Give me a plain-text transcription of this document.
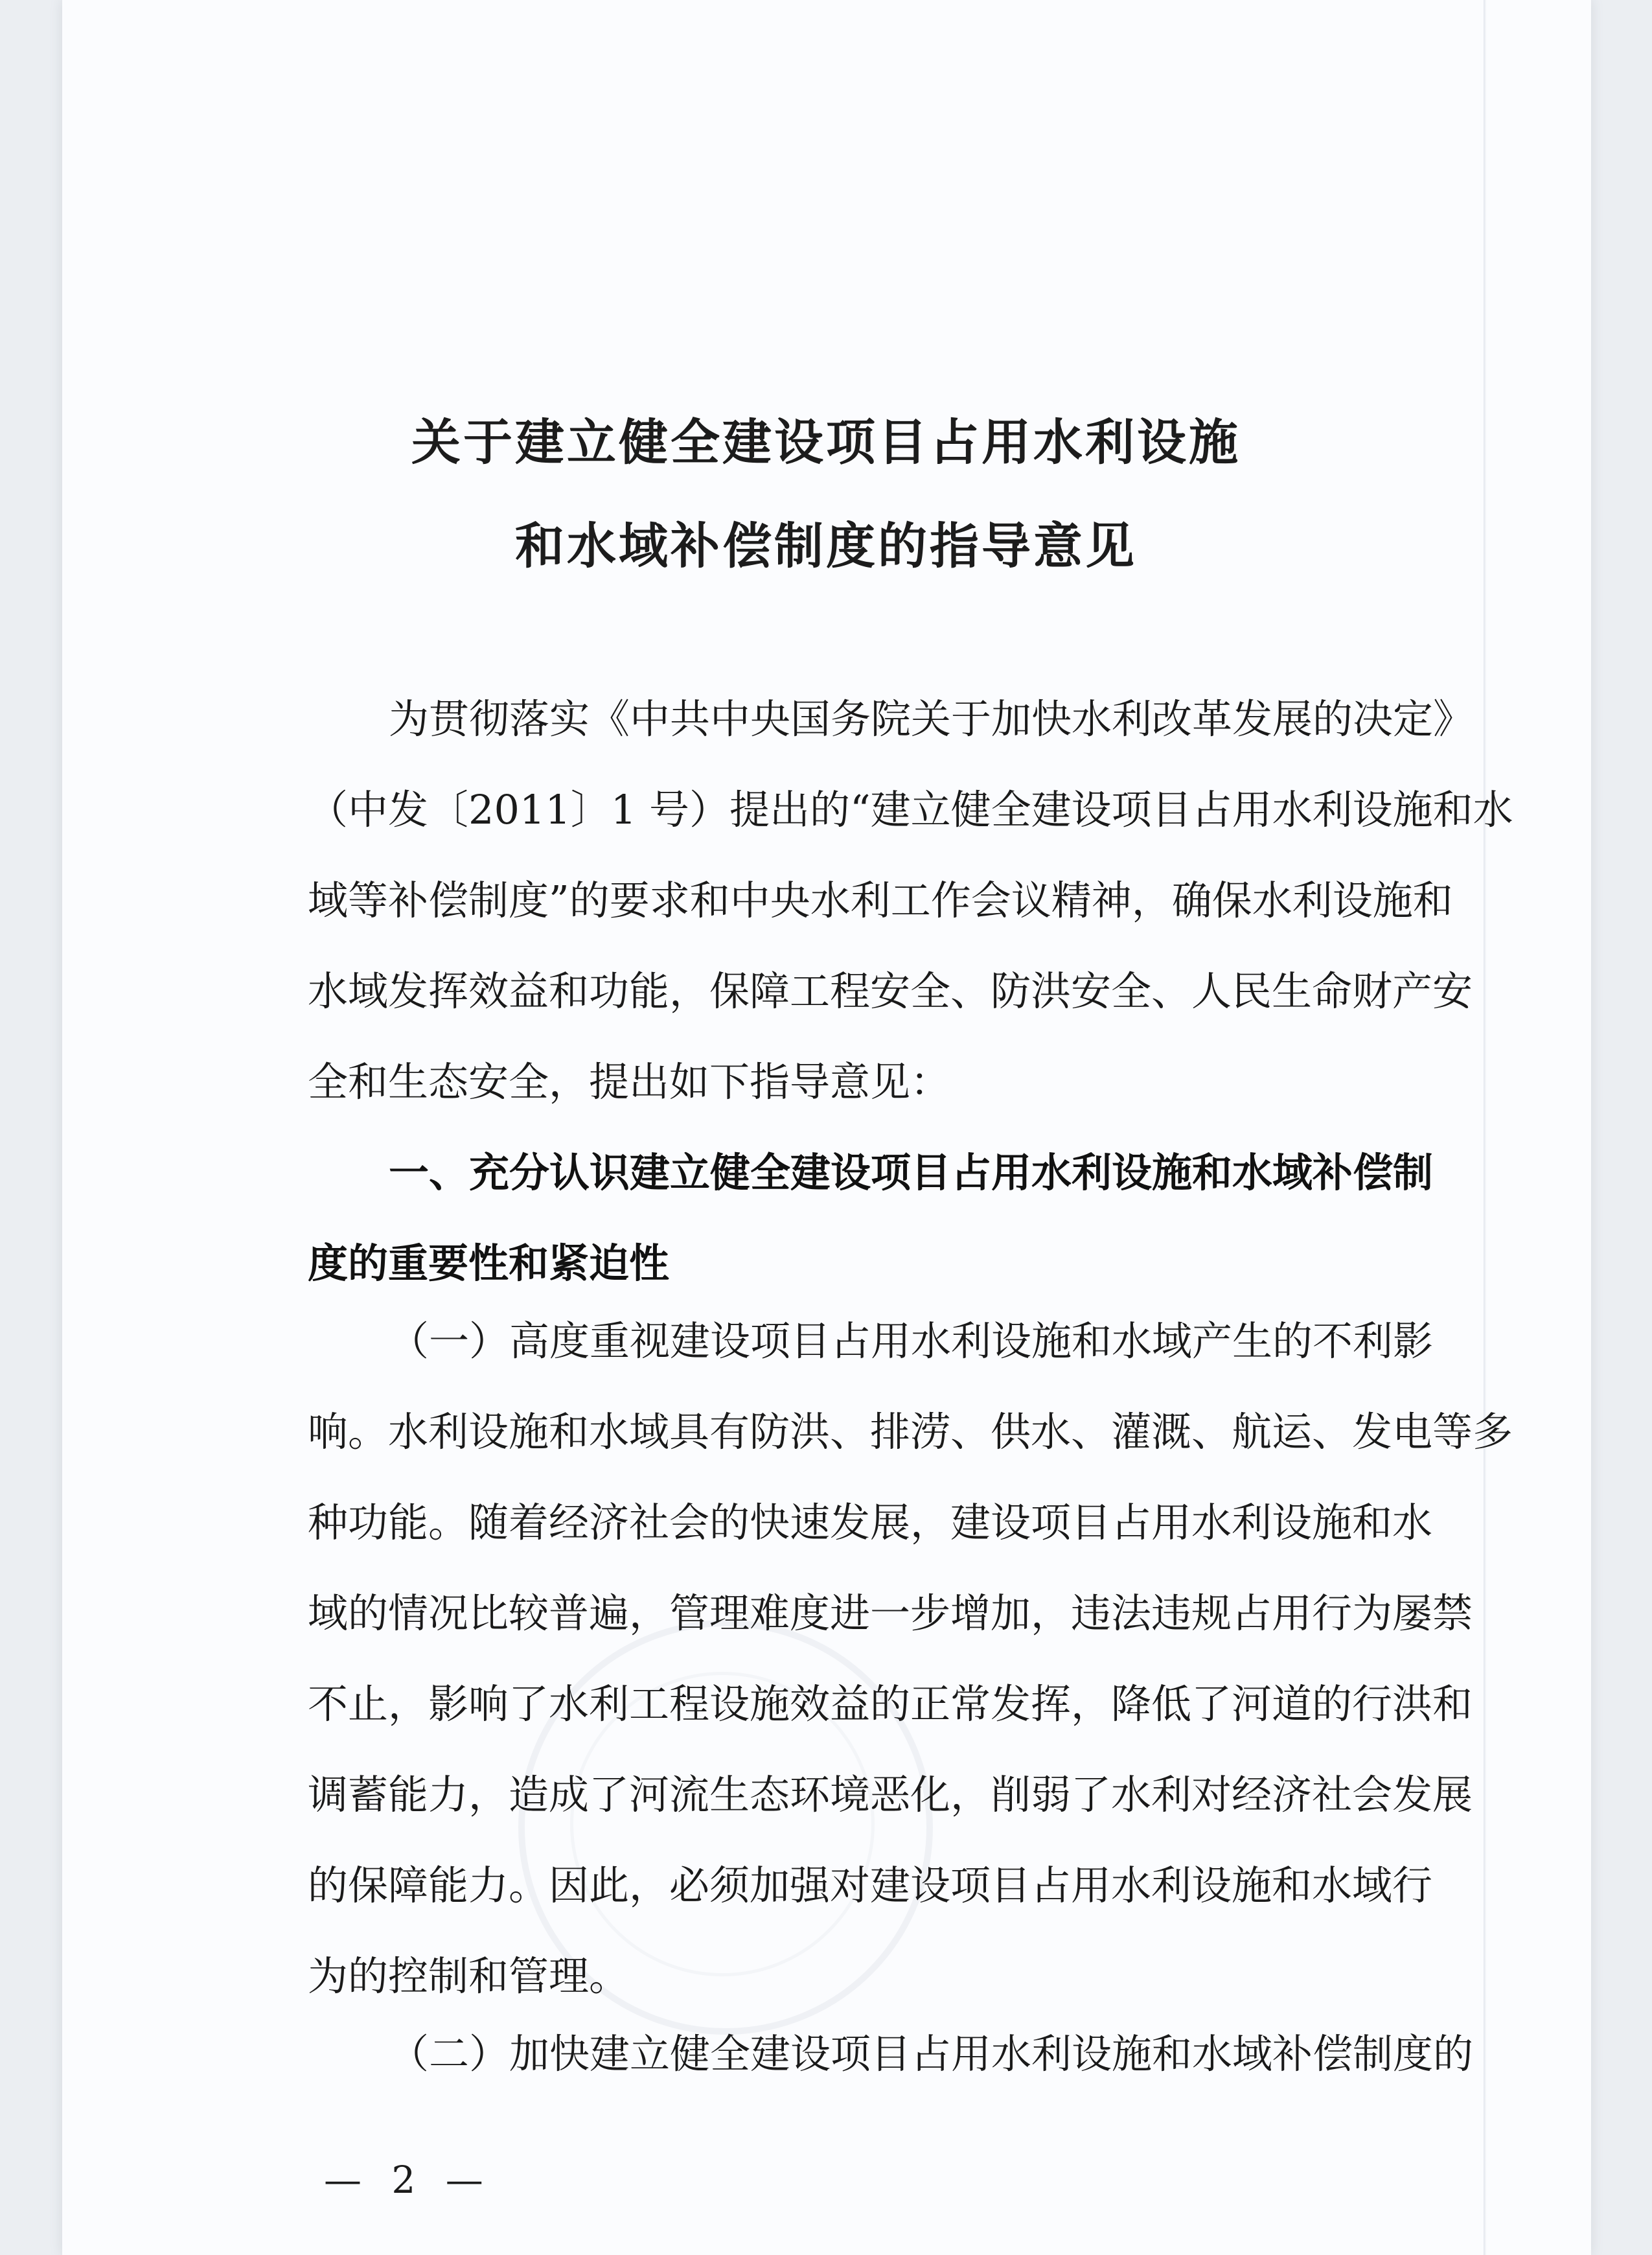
关于建立健全建设项目占用水利设施
和水域补偿制度的指导意见

为贯彻落实《中共中央国务院关于加快水利改革发展的决定》

（中发〔2011〕1 号）提出的“建立健全建设项目占用水利设施和水

域等补偿制度”的要求和中央水利工作会议精神，确保水利设施和

水域发挥效益和功能，保障工程安全、防洪安全、人民生命财产安

全和生态安全，提出如下指导意见：

一、充分认识建立健全建设项目占用水利设施和水域补偿制

度的重要性和紧迫性

（一）高度重视建设项目占用水利设施和水域产生的不利影

响。水利设施和水域具有防洪、排涝、供水、灌溉、航运、发电等多

种功能。随着经济社会的快速发展，建设项目占用水利设施和水

域的情况比较普遍，管理难度进一步增加，违法违规占用行为屡禁

不止，影响了水利工程设施效益的正常发挥，降低了河道的行洪和

调蓄能力，造成了河流生态环境恶化，削弱了水利对经济社会发展

的保障能力。因此，必须加强对建设项目占用水利设施和水域行

为的控制和管理。

（二）加快建立健全建设项目占用水利设施和水域补偿制度的

— 2 —
